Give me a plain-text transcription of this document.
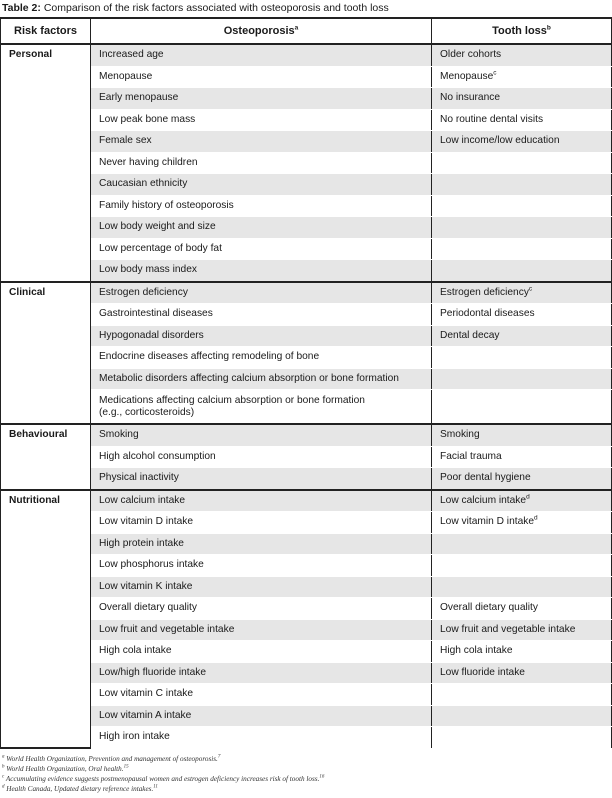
Table 2: Comparison of the risk factors associated with osteoporosis and tooth loss
Risk factors	Osteoporosis$^a$	Tooth loss$^b$
Personal	Increased age	Older cohorts
	Menopause	Menopause$^c$
	Early menopause	No insurance
	Low peak bone mass	No routine dental visits
	Female sex	Low income/low education
	Never having children	
	Caucasian ethnicity	
	Family history of osteoporosis	
	Low body weight and size	
	Low percentage of body fat	
	Low body mass index	
Clinical	Estrogen deficiency	Estrogen deficiency$^c$
	Gastrointestinal diseases	Periodontal diseases
	Hypogonadal disorders	Dental decay
	Endocrine diseases affecting remodeling of bone	
	Metabolic disorders affecting calcium absorption or bone formation	
	Medications affecting calcium absorption or bone formation
(e.g., corticosteroids)	
Behavioural	Smoking	Smoking
	High alcohol consumption	Facial trauma
	Physical inactivity	Poor dental hygiene
Nutritional	Low calcium intake	Low calcium intake$^d$
	Low vitamin D intake	Low vitamin D intake$^d$
	High protein intake	
	Low phosphorus intake	
	Low vitamin K intake	
	Overall dietary quality	Overall dietary quality
	Low fruit and vegetable intake	Low fruit and vegetable intake
	High cola intake	High cola intake
	Low/high fluoride intake	Low fluoride intake
	Low vitamin C intake	
	Low vitamin A intake	
	High iron intake	
$^a$ World Health Organization, Prevention and management of osteoporosis.$^7$
$^b$ World Health Organization, Oral health.$^{15}$
$^c$ Accumulating evidence suggests postmenopausal women and estrogen deficiency increases risk of tooth loss.$^{16}$
$^d$ Health Canada, Updated dietary reference intakes.$^{11}$
